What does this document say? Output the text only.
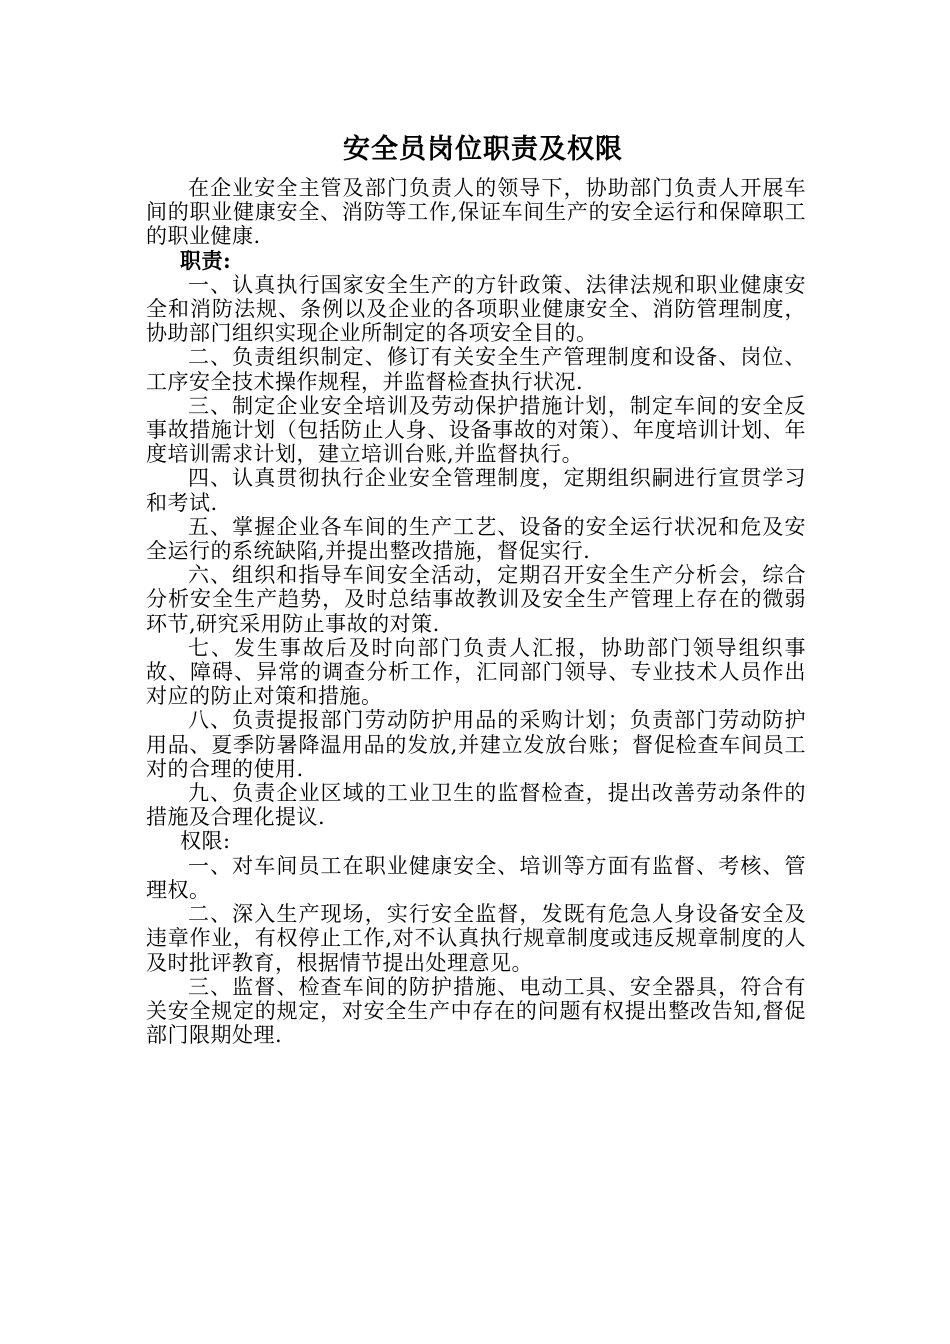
安全员岗位职责及权限

在企业安全主管及部门负责人的领导下，协助部门负责人开展车间的职业健康安全、消防等工作,保证车间生产的安全运行和保障职工的职业健康.

职责:

一、认真执行国家安全生产的方针政策、法律法规和职业健康安全和消防法规、条例以及企业的各项职业健康安全、消防管理制度，协助部门组织实现企业所制定的各项安全目的。

二、负责组织制定、修订有关安全生产管理制度和设备、岗位、工序安全技术操作规程，并监督检查执行状况.

三、制定企业安全培训及劳动保护措施计划，制定车间的安全反事故措施计划（包括防止人身、设备事故的对策）、年度培训计划、年度培训需求计划，建立培训台账,并监督执行。

四、认真贯彻执行企业安全管理制度，定期组织嗣进行宣贯学习和考试.

五、掌握企业各车间的生产工艺、设备的安全运行状况和危及安全运行的系统缺陷,并提出整改措施，督促实行.

六、组织和指导车间安全活动，定期召开安全生产分析会，综合分析安全生产趋势，及时总结事故教训及安全生产管理上存在的微弱环节,研究采用防止事故的对策.

七、发生事故后及时向部门负责人汇报，协助部门领导组织事故、障碍、异常的调查分析工作，汇同部门领导、专业技术人员作出对应的防止对策和措施。

八、负责提报部门劳动防护用品的采购计划；负责部门劳动防护用品、夏季防暑降温用品的发放,并建立发放台账；督促检查车间员工对的合理的使用.

九、负责企业区域的工业卫生的监督检查，提出改善劳动条件的措施及合理化提议.

权限:

一、对车间员工在职业健康安全、培训等方面有监督、考核、管理权。

二、深入生产现场，实行安全监督，发既有危急人身设备安全及违章作业，有权停止工作,对不认真执行规章制度或违反规章制度的人及时批评教育，根据情节提出处理意见。

三、监督、检查车间的防护措施、电动工具、安全器具，符合有关安全规定的规定，对安全生产中存在的问题有权提出整改告知,督促部门限期处理.
